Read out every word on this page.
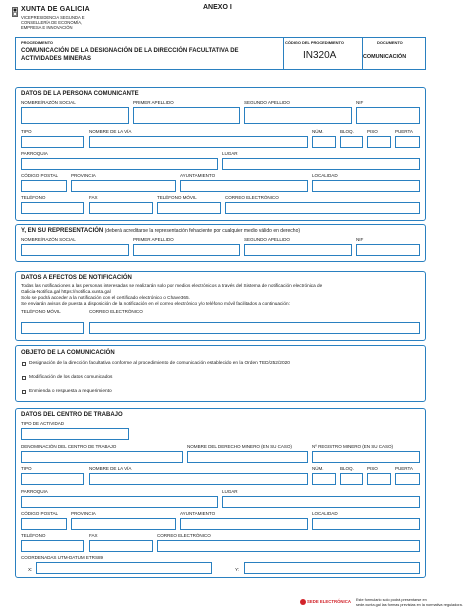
XUNTA DE GALICIA
VICEPRESIDENCIA SEGUNDA E
CONSELLERÍA DE ECONOMÍA,
EMPRESA E INNOVACIÓN
ANEXO I
PROCEDIMENTO
COMUNICACIÓN DE LA DESIGNACIÓN DE LA DIRECCIÓN FACULTATIVA DE ACTIVIDADES MINERAS
CÓDIGO DEL PROCEDIMIENTO
IN320A
DOCUMENTO
COMUNICACIÓN
DATOS DE LA PERSONA COMUNICANTE
NOMBRE/RAZÓN SOCIAL	PRIMER APELLIDO	SEGUNDO APELLIDO	NIF
TIPO	NOMBRE DE LA VÍA	NÚM.	BLOQ.	PISO	PUERTA
PARROQUIA	LUGAR
CÓDIGO POSTAL	PROVINCIA	AYUNTAMIENTO	LOCALIDAD
TELÉFONO	FAX	TELÉFONO MÓVIL	CORREO ELECTRÓNICO
Y, EN SU REPRESENTACIÓN (deberá acreditarse la representación fehaciente por cualquier medio válido en derecho)
NOMBRE/RAZÓN SOCIAL	PRIMER APELLIDO	SEGUNDO APELLIDO	NIF
DATOS A EFECTOS DE NOTIFICACIÓN
Todas las notificaciones a las personas interesadas se realizarán solo por medios electrónicos a través del Sistema de notificación electrónica de
Galicia-Notifica.gal https://notifica.xunta.gal
Solo se podrá acceder a la notificación con el certificado electrónico o Chave365.
Se enviarán avisos de puesta a disposición de la notificación en el correo electrónico y/o teléfono móvil facilitados a continuación:
TELÉFONO MÓVIL	CORREO ELECTRÓNICO
OBJETO DE LA COMUNICACIÓN
Designación de la dirección facultativa conforme al procedimiento de comunicación establecido en la Orden TED/252/2020
Modificación de los datos comunicados
Enmienda o respuesta a requerimiento
DATOS DEL CENTRO DE TRABAJO
TIPO DE ACTIVIDAD
DENOMINACIÓN DEL CENTRO DE TRABAJO	NOMBRE DEL DERECHO MINERO (EN SU CASO)	Nº REGISTRO MINERO (EN SU CASO)
TIPO	NOMBRE DE LA VÍA	NÚM.	BLOQ.	PISO	PUERTA
PARROQUIA	LUGAR
CÓDIGO POSTAL	PROVINCIA	AYUNTAMIENTO	LOCALIDAD
TELÉFONO	FAX	CORREO ELECTRÓNICO
COORDENADAS UTM-DATUM ETRS89
X:	Y:
SEDE ELECTRÓNICA Este formulario solo podrá presentarse en
sede.xunta.gal las formas previstas en la normativa reguladora.
